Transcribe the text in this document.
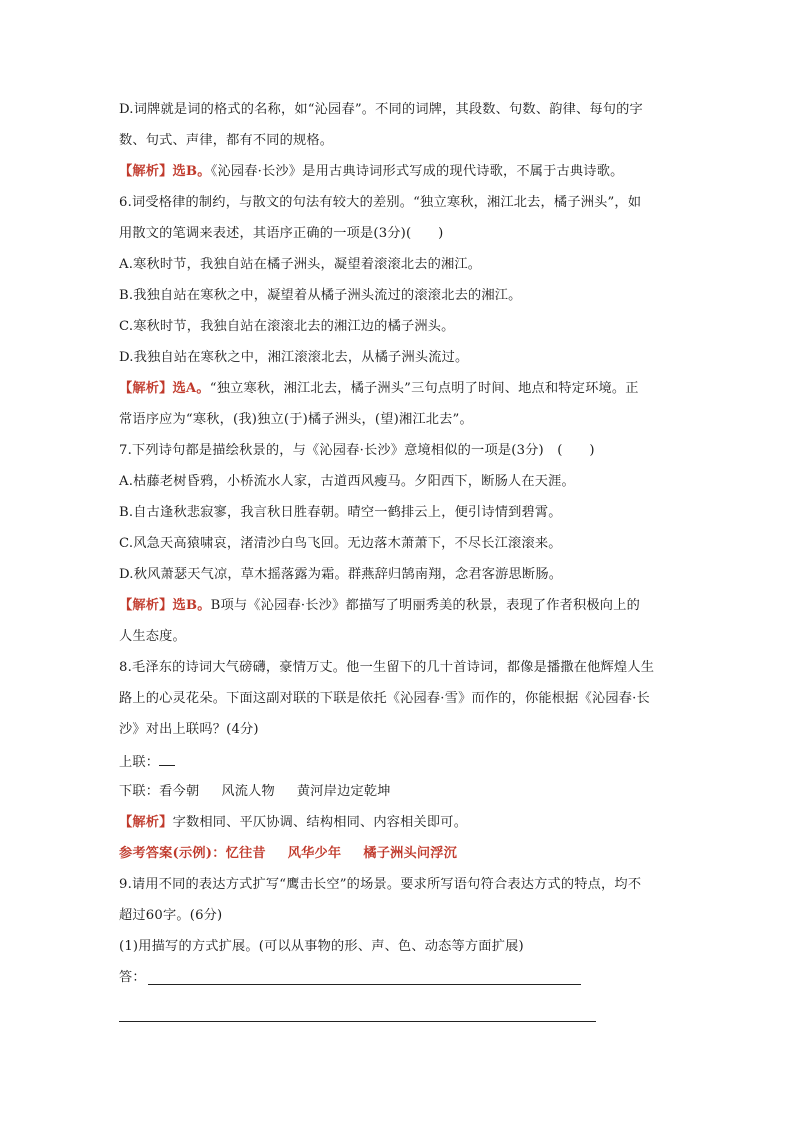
D.词牌就是词的格式的名称，如“沁园春”。不同的词牌，其段数、句数、韵律、每句的字
数、句式、声律，都有不同的规格。
【解析】选B。《沁园春·长沙》是用古典诗词形式写成的现代诗歌，不属于古典诗歌。
6.词受格律的制约，与散文的句法有较大的差别。“独立寒秋，湘江北去，橘子洲头”，如
用散文的笔调来表述，其语序正确的一项是(3分)(　　)
A.寒秋时节，我独自站在橘子洲头，凝望着滚滚北去的湘江。
B.我独自站在寒秋之中，凝望着从橘子洲头流过的滚滚北去的湘江。
C.寒秋时节，我独自站在滚滚北去的湘江边的橘子洲头。
D.我独自站在寒秋之中，湘江滚滚北去，从橘子洲头流过。
【解析】选A。“独立寒秋，湘江北去，橘子洲头”三句点明了时间、地点和特定环境。正
常语序应为“寒秋，(我)独立(于)橘子洲头，(望)湘江北去”。
7.下列诗句都是描绘秋景的，与《沁园春·长沙》意境相似的一项是(3分)　(　　)
A.枯藤老树昏鸦，小桥流水人家，古道西风瘦马。夕阳西下，断肠人在天涯。
B.自古逢秋悲寂寥，我言秋日胜春朝。晴空一鹤排云上，便引诗情到碧霄。
C.风急天高猿啸哀，渚清沙白鸟飞回。无边落木萧萧下，不尽长江滚滚来。
D.秋风萧瑟天气凉，草木摇落露为霜。群燕辞归鹄南翔，念君客游思断肠。
【解析】选B。B项与《沁园春·长沙》都描写了明丽秀美的秋景，表现了作者积极向上的
人生态度。
8.毛泽东的诗词大气磅礴，豪情万丈。他一生留下的几十首诗词，都像是播撒在他辉煌人生
路上的心灵花朵。下面这副对联的下联是依托《沁园春·雪》而作的，你能根据《沁园春·长
沙》对出上联吗？(4分)
上联：
下联：看今朝 风流人物 黄河岸边定乾坤
【解析】字数相同、平仄协调、结构相同、内容相关即可。
参考答案(示例)：忆往昔 风华少年 橘子洲头问浮沉
9.请用不同的表达方式扩写“鹰击长空”的场景。要求所写语句符合表达方式的特点，均不
超过60字。(6分)
(1)用描写的方式扩展。(可以从事物的形、声、色、动态等方面扩展)
答：
